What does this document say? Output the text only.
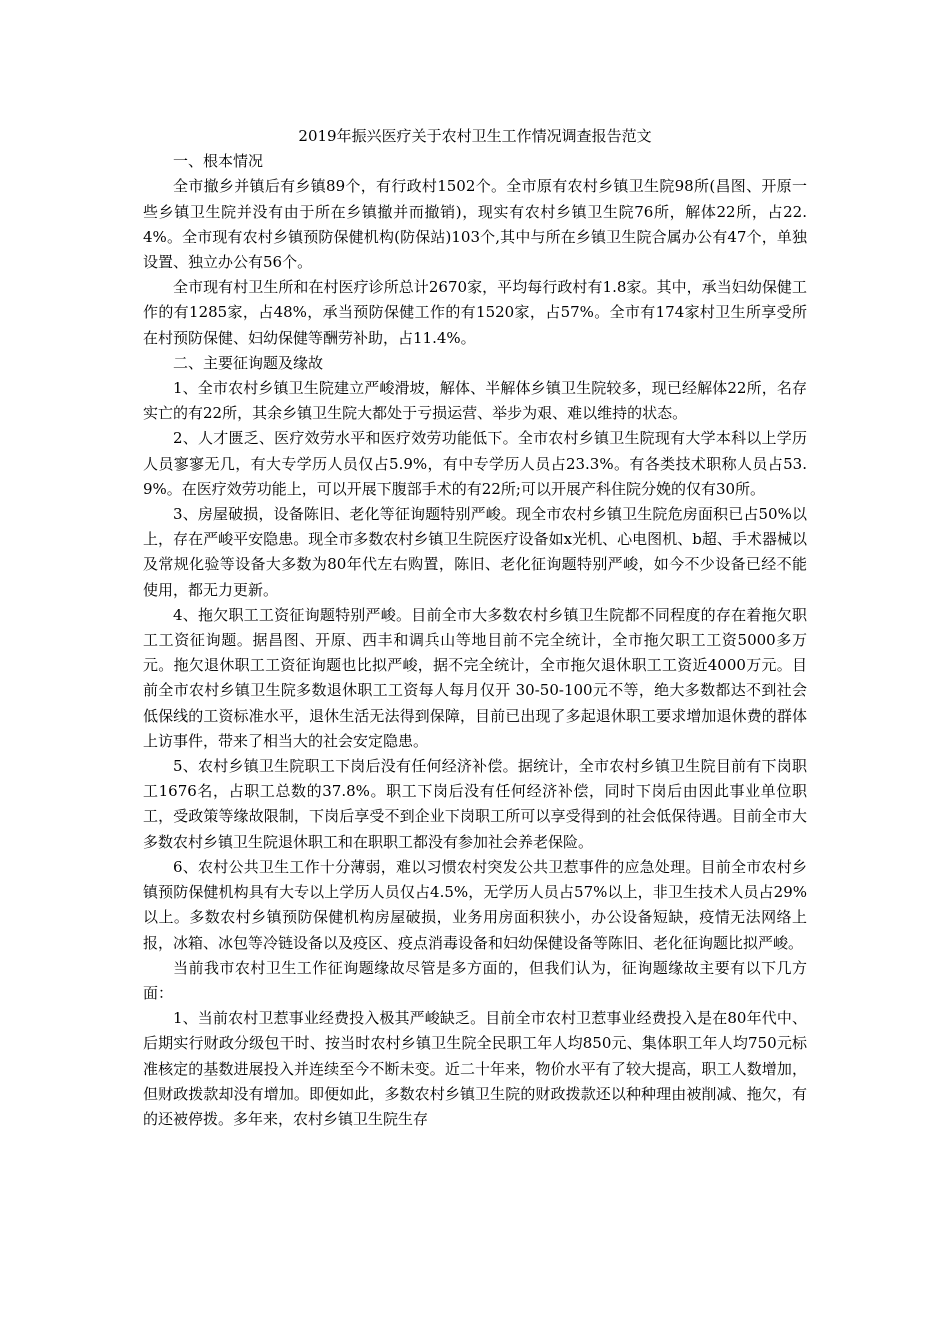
2019年振兴医疗关于农村卫生工作情况调查报告范文

一、根本情况

全市撤乡并镇后有乡镇89个，有行政村1502个。全市原有农村乡镇卫生院98所(昌图、开原一些乡镇卫生院并没有由于所在乡镇撤并而撤销)，现实有农村乡镇卫生院76所，解体22所，占22.4%。全市现有农村乡镇预防保健机构(防保站)103个,其中与所在乡镇卫生院合属办公有47个，单独设置、独立办公有56个。

全市现有村卫生所和在村医疗诊所总计2670家，平均每行政村有1.8家。其中，承当妇幼保健工作的有1285家，占48%，承当预防保健工作的有1520家，占57%。全市有174家村卫生所享受所在村预防保健、妇幼保健等酬劳补助，占11.4%。

二、主要征询题及缘故

1、全市农村乡镇卫生院建立严峻滑坡，解体、半解体乡镇卫生院较多，现已经解体22所，名存实亡的有22所，其余乡镇卫生院大都处于亏损运营、举步为艰、难以维持的状态。

2、人才匮乏、医疗效劳水平和医疗效劳功能低下。全市农村乡镇卫生院现有大学本科以上学历人员寥寥无几，有大专学历人员仅占5.9%，有中专学历人员占23.3%。有各类技术职称人员占53.9%。在医疗效劳功能上，可以开展下腹部手术的有22所;可以开展产科住院分娩的仅有30所。

3、房屋破损，设备陈旧、老化等征询题特别严峻。现全市农村乡镇卫生院危房面积已占50%以上，存在严峻平安隐患。现全市多数农村乡镇卫生院医疗设备如x光机、心电图机、b超、手术器械以及常规化验等设备大多数为80年代左右购置，陈旧、老化征询题特别严峻，如今不少设备已经不能使用，都无力更新。

4、拖欠职工工资征询题特别严峻。目前全市大多数农村乡镇卫生院都不同程度的存在着拖欠职工工资征询题。据昌图、开原、西丰和调兵山等地目前不完全统计，全市拖欠职工工资5000多万元。拖欠退休职工工资征询题也比拟严峻，据不完全统计，全市拖欠退休职工工资近4000万元。目前全市农村乡镇卫生院多数退休职工工资每人每月仅开 30-50-100元不等，绝大多数都达不到社会低保线的工资标准水平，退休生活无法得到保障，目前已出现了多起退休职工要求增加退休费的群体上访事件，带来了相当大的社会安定隐患。

5、农村乡镇卫生院职工下岗后没有任何经济补偿。据统计，全市农村乡镇卫生院目前有下岗职工1676名，占职工总数的37.8%。职工下岗后没有任何经济补偿，同时下岗后由因此事业单位职工，受政策等缘故限制，下岗后享受不到企业下岗职工所可以享受得到的社会低保待遇。目前全市大多数农村乡镇卫生院退休职工和在职职工都没有参加社会养老保险。

6、农村公共卫生工作十分薄弱，难以习惯农村突发公共卫惹事件的应急处理。目前全市农村乡镇预防保健机构具有大专以上学历人员仅占4.5%，无学历人员占57%以上，非卫生技术人员占29%以上。多数农村乡镇预防保健机构房屋破损，业务用房面积狭小，办公设备短缺，疫情无法网络上报，冰箱、冰包等冷链设备以及疫区、疫点消毒设备和妇幼保健设备等陈旧、老化征询题比拟严峻。

当前我市农村卫生工作征询题缘故尽管是多方面的，但我们认为，征询题缘故主要有以下几方面：

1、当前农村卫惹事业经费投入极其严峻缺乏。目前全市农村卫惹事业经费投入是在80年代中、后期实行财政分级包干时、按当时农村乡镇卫生院全民职工年人均850元、集体职工年人均750元标准核定的基数进展投入并连续至今不断未变。近二十年来，物价水平有了较大提高，职工人数增加，但财政拨款却没有增加。即便如此，多数农村乡镇卫生院的财政拨款还以种种理由被削减、拖欠，有的还被停拨。多年来，农村乡镇卫生院生存
